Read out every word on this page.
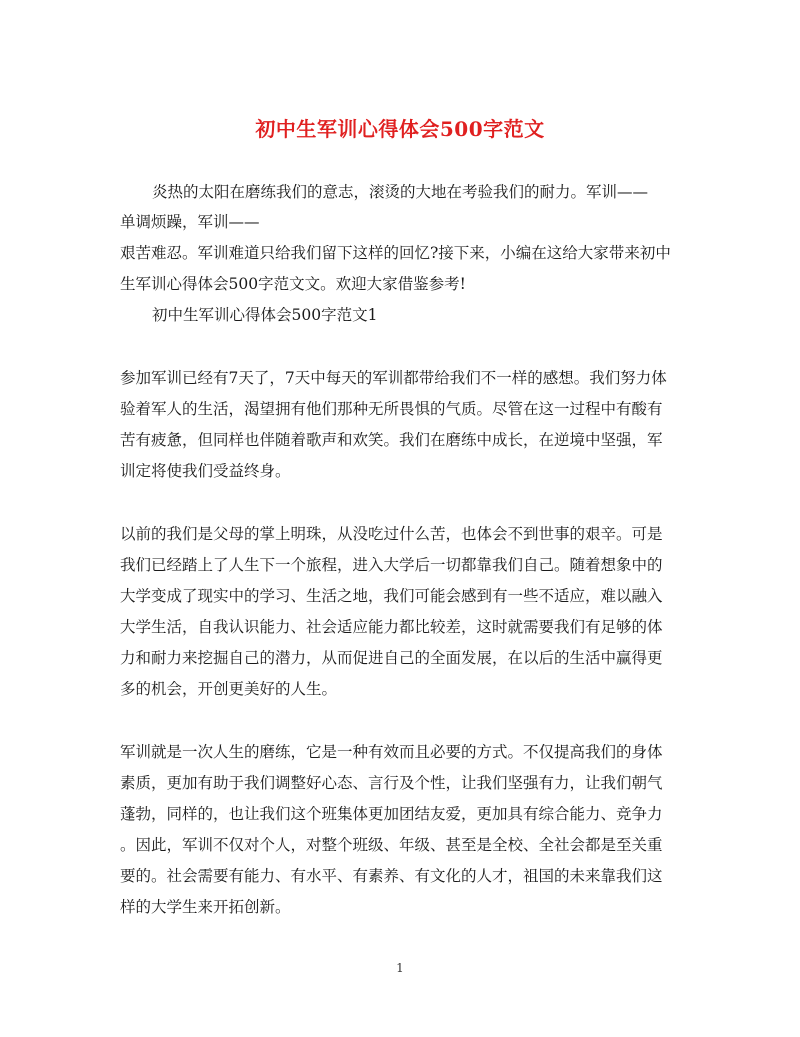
初中生军训心得体会500字范文
炎热的太阳在磨练我们的意志，滚烫的大地在考验我们的耐力。军训——
单调烦躁，军训——
艰苦难忍。军训难道只给我们留下这样的回忆?接下来，小编在这给大家带来初中
生军训心得体会500字范文文。欢迎大家借鉴参考!
初中生军训心得体会500字范文1
参加军训已经有7天了，7天中每天的军训都带给我们不一样的感想。我们努力体
验着军人的生活，渴望拥有他们那种无所畏惧的气质。尽管在这一过程中有酸有
苦有疲惫，但同样也伴随着歌声和欢笑。我们在磨练中成长，在逆境中坚强，军
训定将使我们受益终身。
以前的我们是父母的掌上明珠，从没吃过什么苦，也体会不到世事的艰辛。可是
我们已经踏上了人生下一个旅程，进入大学后一切都靠我们自己。随着想象中的
大学变成了现实中的学习、生活之地，我们可能会感到有一些不适应，难以融入
大学生活，自我认识能力、社会适应能力都比较差，这时就需要我们有足够的体
力和耐力来挖掘自己的潜力，从而促进自己的全面发展，在以后的生活中赢得更
多的机会，开创更美好的人生。
军训就是一次人生的磨练，它是一种有效而且必要的方式。不仅提高我们的身体
素质，更加有助于我们调整好心态、言行及个性，让我们坚强有力，让我们朝气
蓬勃，同样的，也让我们这个班集体更加团结友爱，更加具有综合能力、竞争力
。因此，军训不仅对个人，对整个班级、年级、甚至是全校、全社会都是至关重
要的。社会需要有能力、有水平、有素养、有文化的人才，祖国的未来靠我们这
样的大学生来开拓创新。
1
